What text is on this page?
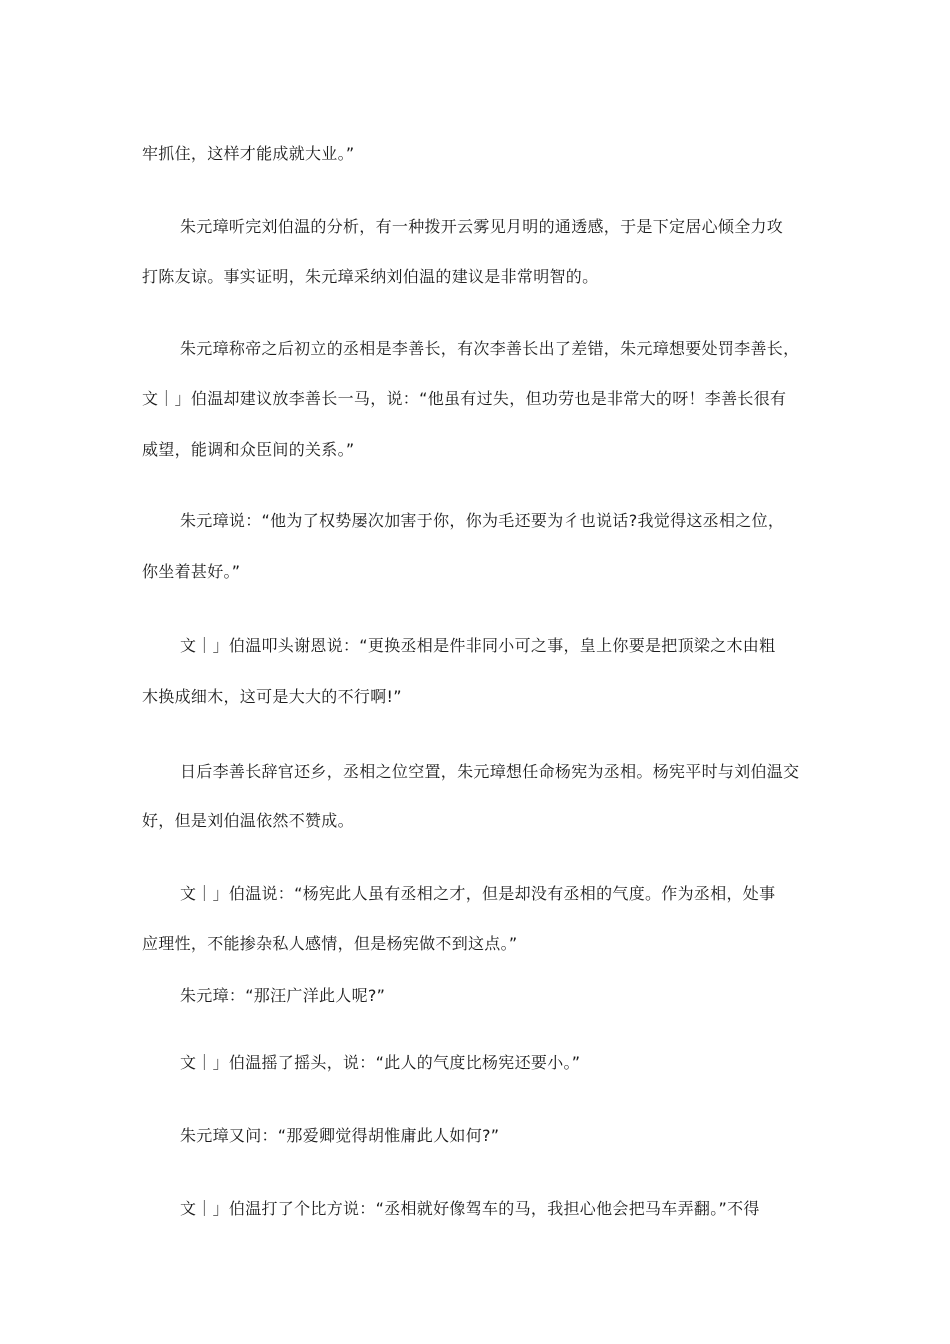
牢抓住，这样才能成就大业。”
朱元璋听完刘伯温的分析，有一种拨开云雾见月明的通透感，于是下定居心倾全力攻
打陈友谅。事实证明，朱元璋采纳刘伯温的建议是非常明智的。
朱元璋称帝之后初立的丞相是李善长，有次李善长出了差错，朱元璋想要处罚李善长，
文｜」伯温却建议放李善长一马，说：“他虽有过失，但功劳也是非常大的呀！李善长很有
威望，能调和众臣间的关系。”
朱元璋说：“他为了权势屡次加害于你，你为毛还要为彳也说话?我觉得这丞相之位，
你坐着甚好。”
文｜」伯温叩头谢恩说：“更换丞相是件非同小可之事，皇上你要是把顶梁之木由粗
木换成细木，这可是大大的不行啊!”
日后李善长辞官还乡，丞相之位空置，朱元璋想任命杨宪为丞相。杨宪平时与刘伯温交
好，但是刘伯温依然不赞成。
文｜」伯温说：“杨宪此人虽有丞相之才，但是却没有丞相的气度。作为丞相，处事
应理性，不能掺杂私人感情，但是杨宪做不到这点。”
朱元璋：“那汪广洋此人呢?”
文｜」伯温摇了摇头，说：“此人的气度比杨宪还要小。”
朱元璋又问：“那爱卿觉得胡惟庸此人如何?”
文｜」伯温打了个比方说：“丞相就好像驾车的马，我担心他会把马车弄翻。”不得
